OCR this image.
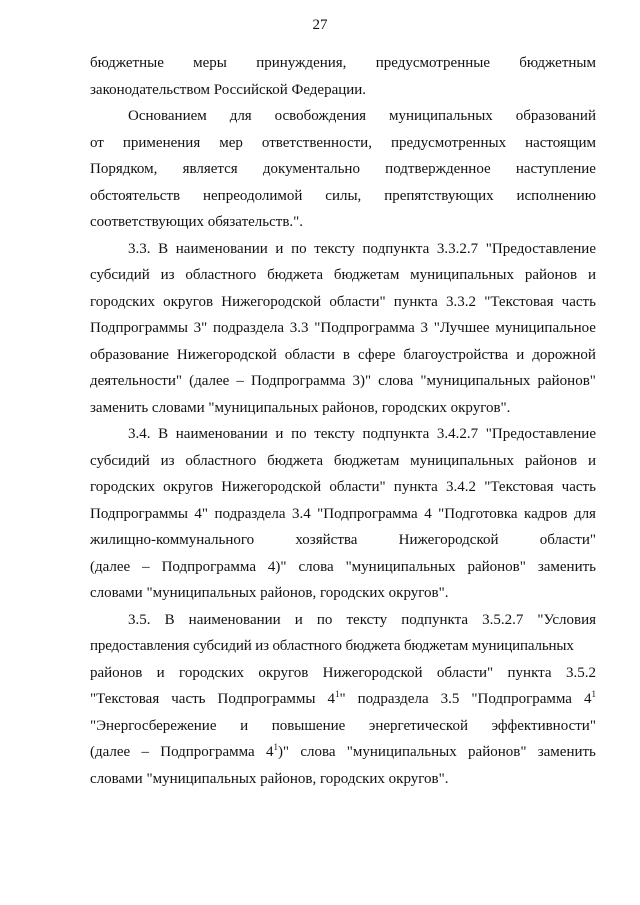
27
бюджетные меры принуждения, предусмотренные бюджетным
законодательством Российской Федерации.
Основанием для освобождения муниципальных образований
от применения мер ответственности, предусмотренных настоящим
Порядком, является документально подтвержденное наступление
обстоятельств непреодолимой силы, препятствующих исполнению
соответствующих обязательств.".
3.3. В наименовании и по тексту подпункта 3.3.2.7 "Предоставление
субсидий из областного бюджета бюджетам муниципальных районов и
городских округов Нижегородской области" пункта 3.3.2 "Текстовая часть
Подпрограммы 3" подраздела 3.3 "Подпрограмма 3 "Лучшее муниципальное
образование Нижегородской области в сфере благоустройства и дорожной
деятельности" (далее – Подпрограмма 3)" слова "муниципальных районов"
заменить словами "муниципальных районов, городских округов".
3.4. В наименовании и по тексту подпункта 3.4.2.7 "Предоставление
субсидий из областного бюджета бюджетам муниципальных районов и
городских округов Нижегородской области" пункта 3.4.2 "Текстовая часть
Подпрограммы 4" подраздела 3.4 "Подпрограмма 4 "Подготовка кадров для
жилищно-коммунального	хозяйства	Нижегородской	области"
(далее – Подпрограмма 4)" слова "муниципальных районов" заменить
словами "муниципальных районов, городских округов".
3.5. В наименовании и по тексту подпункта 3.5.2.7 "Условия
предоставления субсидий из областного бюджета бюджетам муниципальных
районов и городских округов Нижегородской области" пункта 3.5.2
"Текстовая часть Подпрограммы $4^1$" подраздела 3.5 "Подпрограмма $4^1$
"Энергосбережение и повышение энергетической эффективности"
(далее – Подпрограмма $4^1$)" слова "муниципальных районов" заменить
словами "муниципальных районов, городских округов".
